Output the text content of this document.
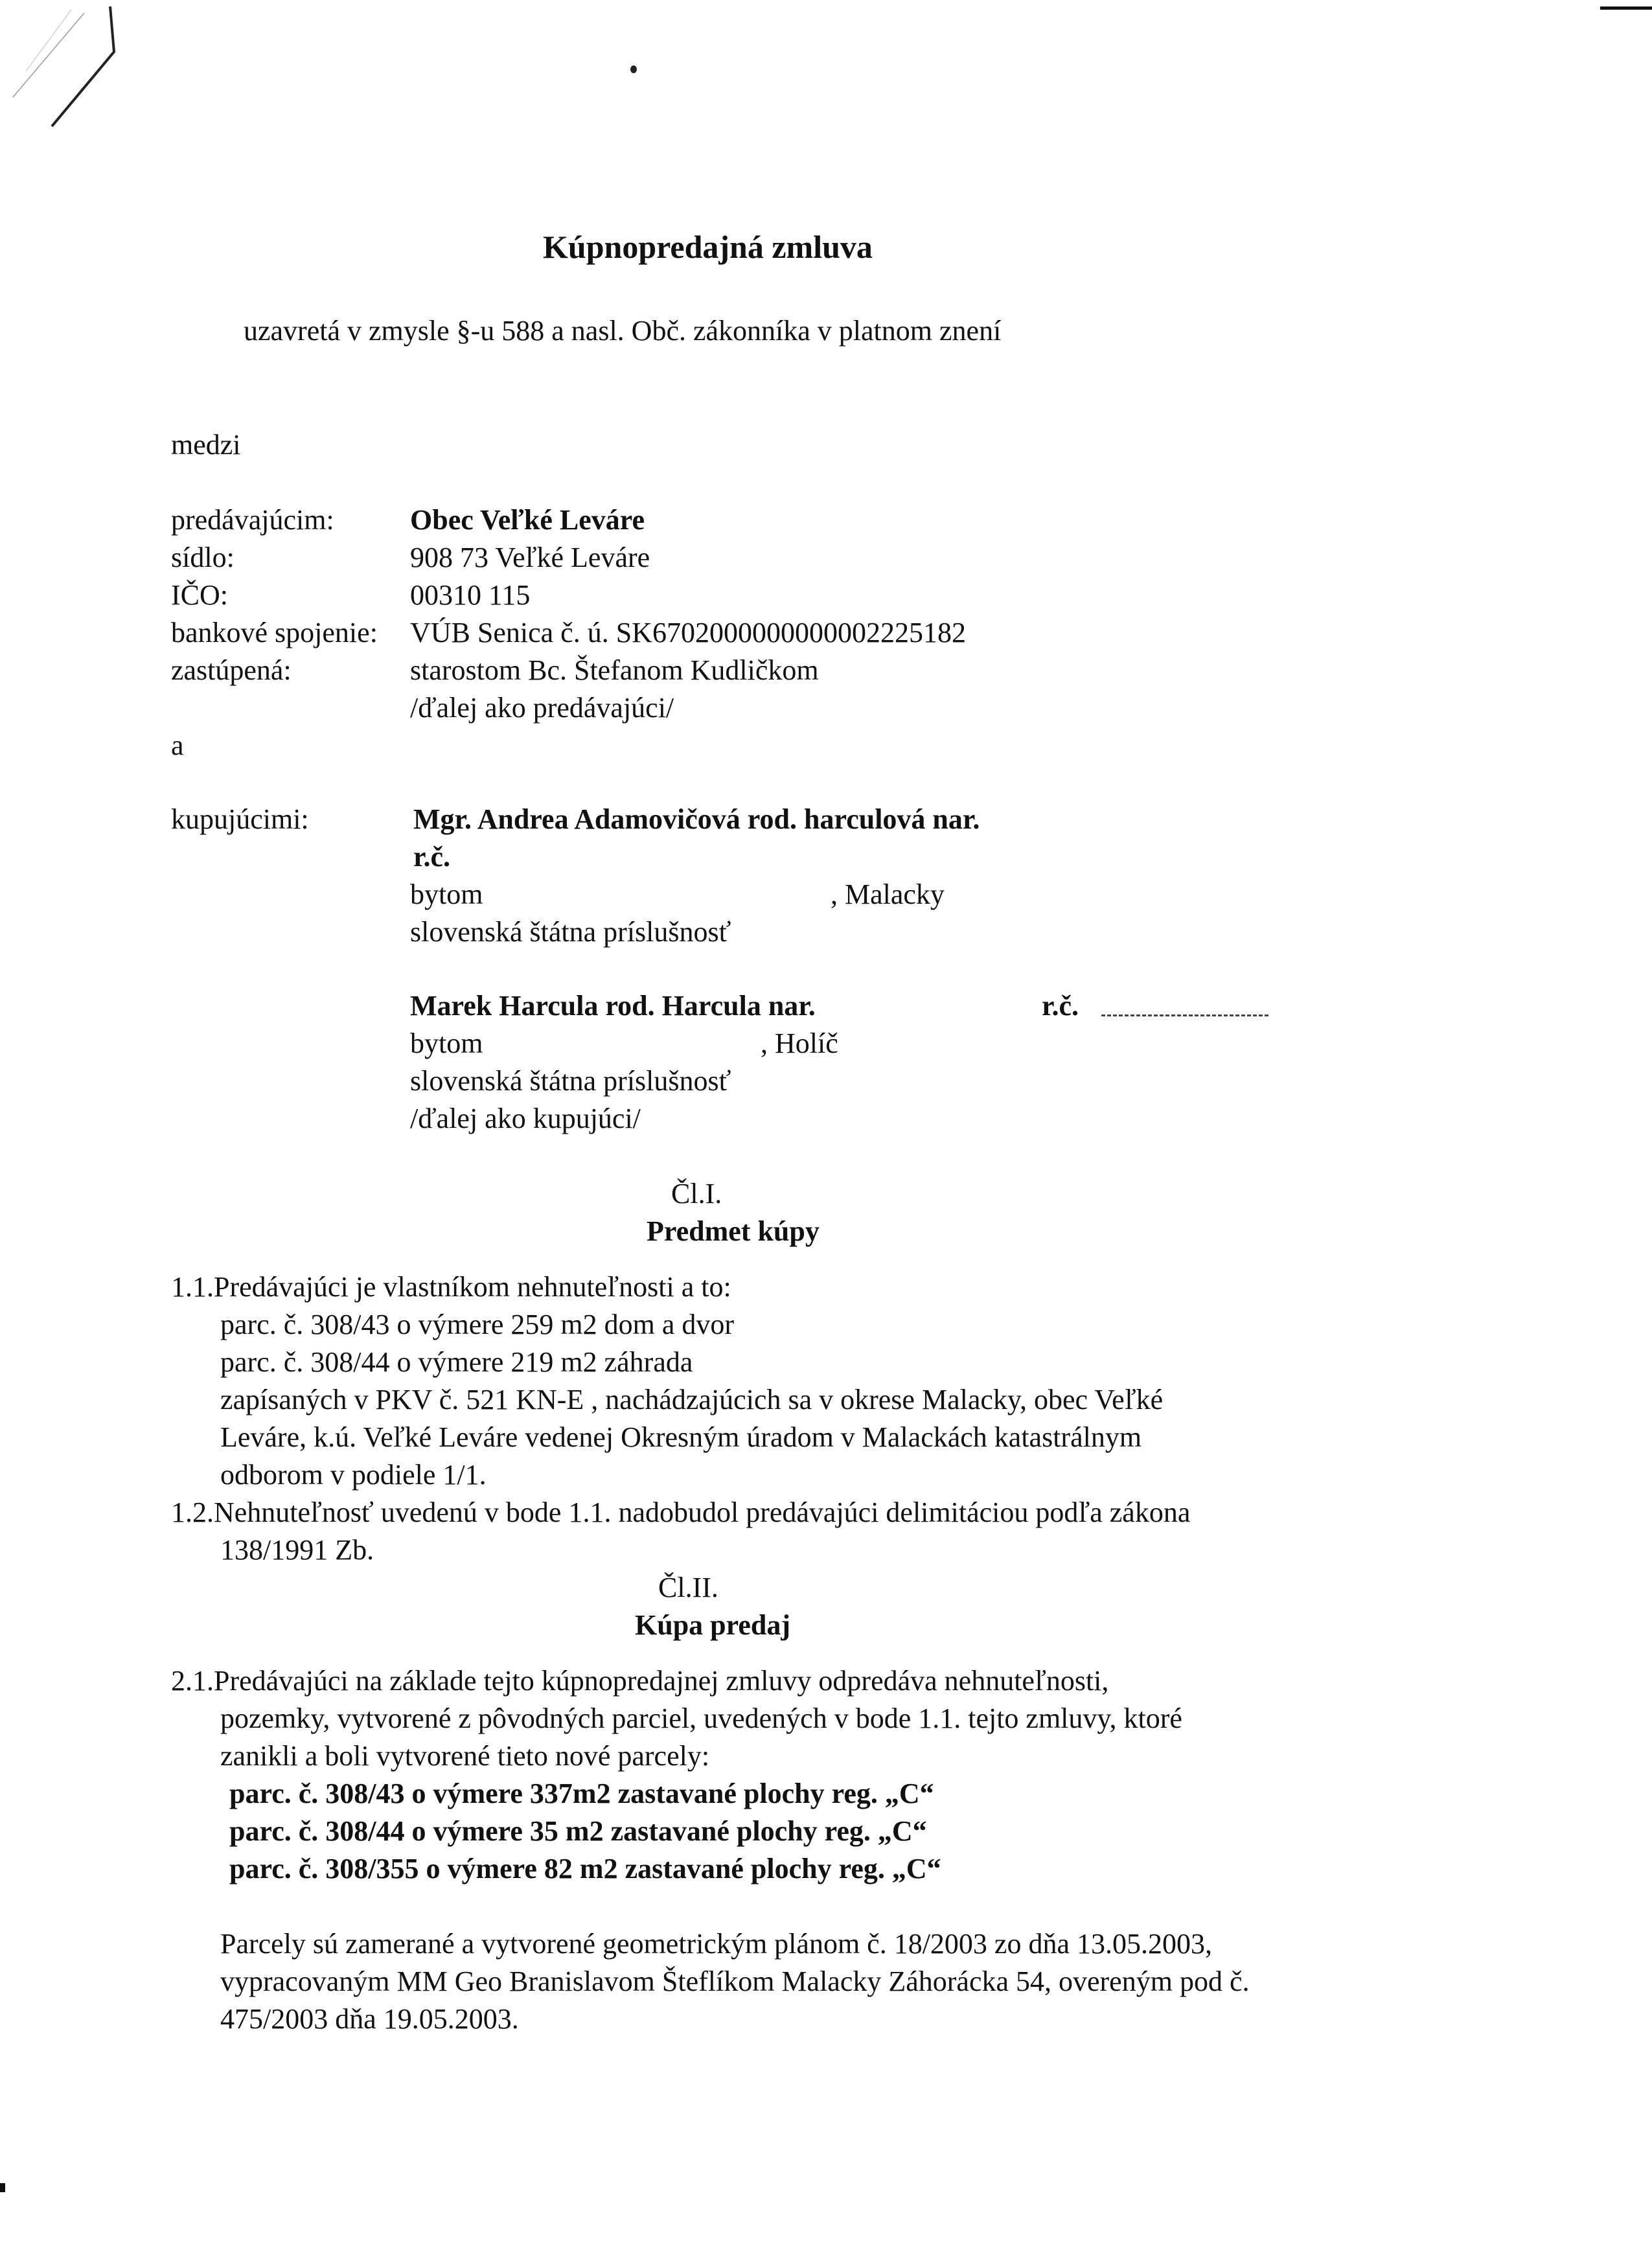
Kúpnopredajná zmluva
uzavretá v zmysle §-u 588 a nasl. Obč. zákonníka v platnom znení
medzi
predávajúcim:	Obec Veľké Leváre
sídlo:	908 73 Veľké Leváre
IČO:	00310 115
bankové spojenie: VÚB Senica č. ú. SK6702000000000002225182
zastúpená:	starostom Bc. Štefanom Kudličkom
/ďalej ako predávajúci/
a
kupujúcimi:	Mgr. Andrea Adamovičová rod. harculová nar.
r.č.
bytom	, Malacky
slovenská štátna príslušnosť
Marek Harcula rod. Harcula nar.	r.č.
bytom	, Holíč
slovenská štátna príslušnosť
/ďalej ako kupujúci/
Čl.I.
Predmet kúpy
1.1.Predávajúci je vlastníkom nehnuteľnosti a to:
parc. č. 308/43 o výmere 259 m2 dom a dvor
parc. č. 308/44 o výmere 219 m2 záhrada
zapísaných v PKV č. 521 KN-E , nachádzajúcich sa v okrese Malacky, obec Veľké
Leváre, k.ú. Veľké Leváre vedenej Okresným úradom v Malackách katastrálnym
odborom v podiele 1/1.
1.2.Nehnuteľnosť uvedenú v bode 1.1. nadobudol predávajúci delimitáciou podľa zákona
138/1991 Zb.
Čl.II.
Kúpa predaj
2.1.Predávajúci na základe tejto kúpnopredajnej zmluvy odpredáva nehnuteľnosti,
pozemky, vytvorené z pôvodných parciel, uvedených v bode 1.1. tejto zmluvy, ktoré
zanikli a boli vytvorené tieto nové parcely:
parc. č. 308/43 o výmere 337m2 zastavané plochy reg. „C“
parc. č. 308/44 o výmere 35 m2 zastavané plochy reg. „C“
parc. č. 308/355 o výmere 82 m2 zastavané plochy reg. „C“
Parcely sú zamerané a vytvorené geometrickým plánom č. 18/2003 zo dňa 13.05.2003,
vypracovaným MM Geo Branislavom Šteflíkom Malacky Záhorácka 54, overeným pod č.
475/2003 dňa 19.05.2003.
